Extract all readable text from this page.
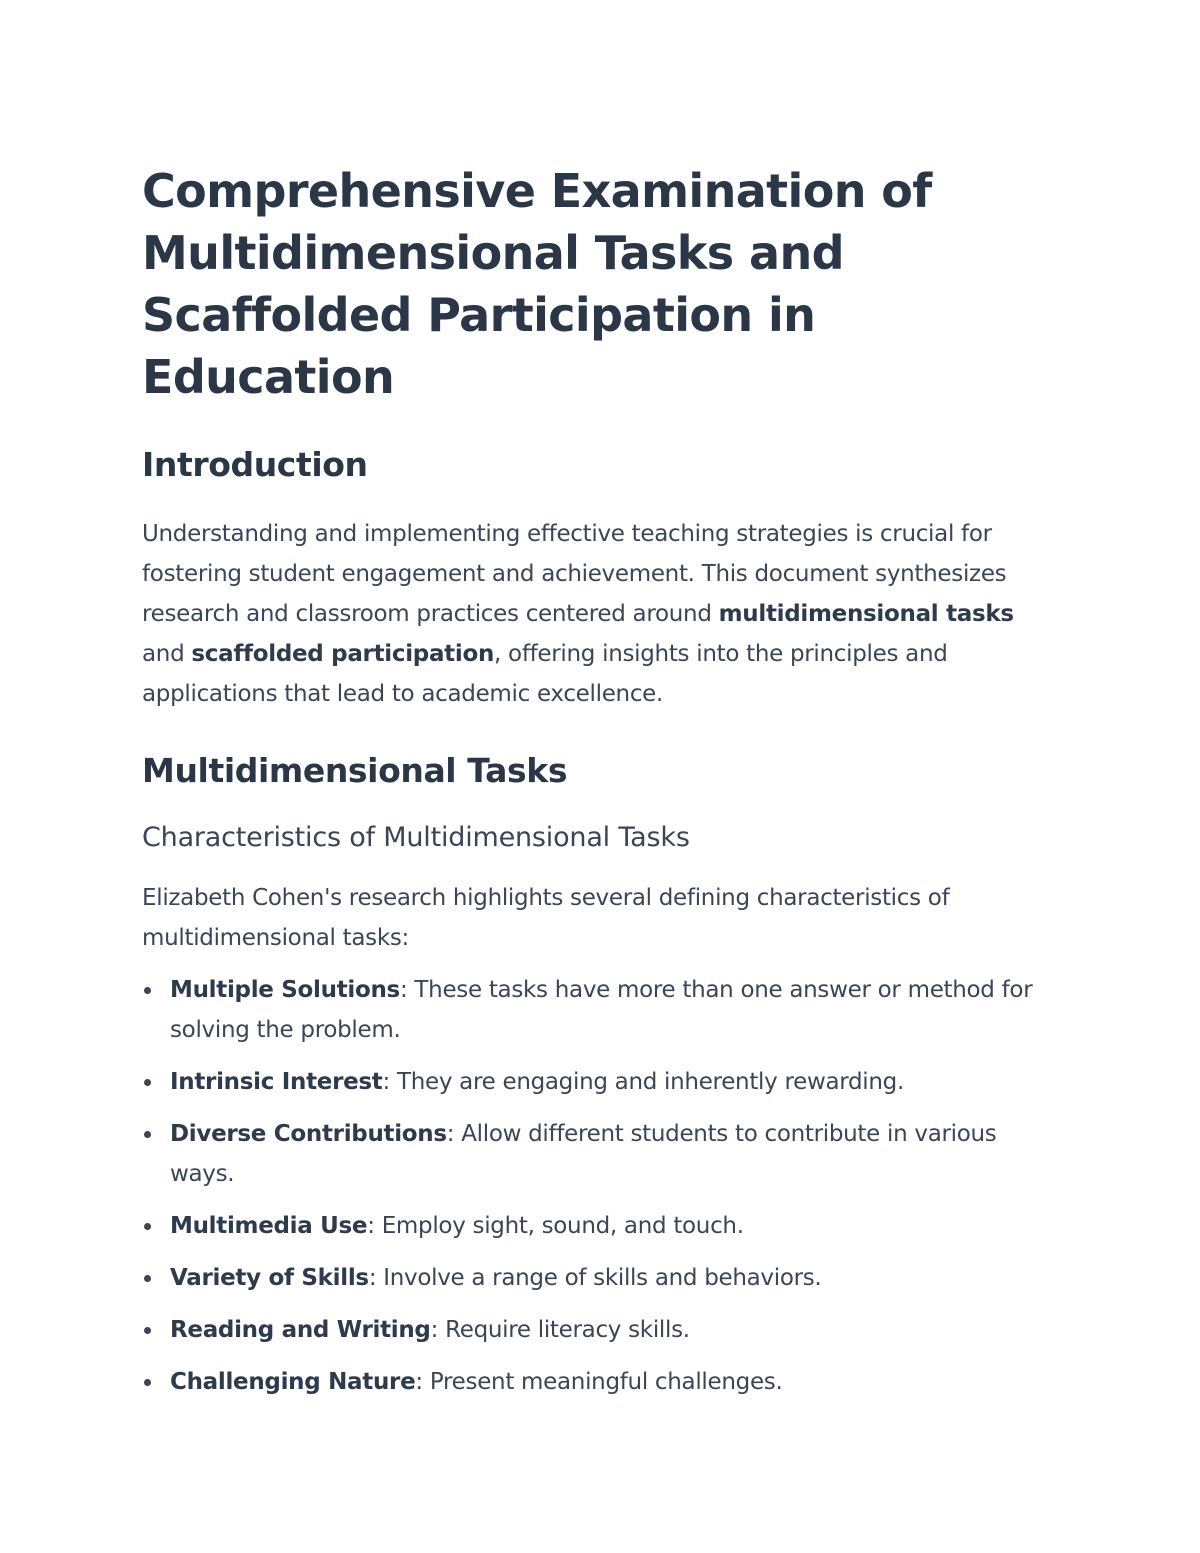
Comprehensive Examination of Multidimensional Tasks and Scaffolded Participation in Education
Introduction

Understanding and implementing effective teaching strategies is crucial for fostering student engagement and achievement. This document synthesizes research and classroom practices centered around multidimensional tasks and scaffolded participation, offering insights into the principles and applications that lead to academic excellence.

Multidimensional Tasks
Characteristics of Multidimensional Tasks

Elizabeth Cohen's research highlights several defining characteristics of multidimensional tasks:

Multiple Solutions: These tasks have more than one answer or method for solving the problem.
Intrinsic Interest: They are engaging and inherently rewarding.
Diverse Contributions: Allow different students to contribute in various ways.
Multimedia Use: Employ sight, sound, and touch.
Variety of Skills: Involve a range of skills and behaviors.
Reading and Writing: Require literacy skills.
Challenging Nature: Present meaningful challenges.
